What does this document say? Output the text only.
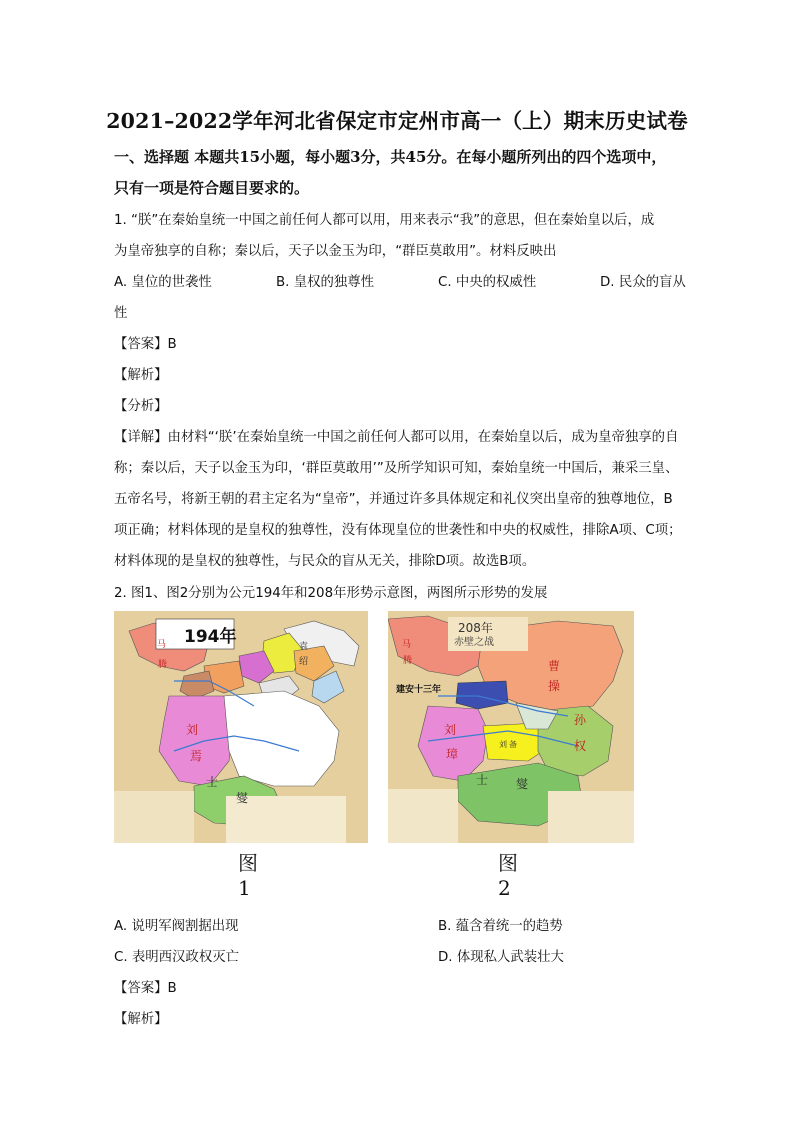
2021–2022学年河北省保定市定州市高一（上）期末历史试卷
一、选择题 本题共15小题，每小题3分，共45分。在每小题所列出的四个选项中，
只有一项是符合题目要求的。
1. “朕”在秦始皇统一中国之前任何人都可以用，用来表示“我”的意思，但在秦始皇以后，成
为皇帝独享的自称；秦以后，天子以金玉为印，“群臣莫敢用”。材料反映出
A. 皇位的世袭性	B. 皇权的独尊性	C. 中央的权威性	D. 民众的盲从
性
【答案】B
【解析】
【分析】
【详解】由材料“‘朕’在秦始皇统一中国之前任何人都可以用，在秦始皇以后，成为皇帝独享的自
称；秦以后，天子以金玉为印，‘群臣莫敢用’”及所学知识可知，秦始皇统一中国后，兼采三皇、
五帝名号，将新王朝的君主定名为“皇帝”，并通过许多具体规定和礼仪突出皇帝的独尊地位，B
项正确；材料体现的是皇权的独尊性，没有体现皇位的世袭性和中央的权威性，排除A项、C项；
材料体现的是皇权的独尊性，与民众的盲从无关，排除D项。故选B项。
2. 图1、图2分别为公元194年和208年形势示意图，两图所示形势的发展
194年
马
腾
刘
焉
士
燮
袁
绍
208年
赤壁之战
建安十三年
马
腾	曹
操
刘
璋
孙
权
士 燮
刘 备
图1
图2
A. 说明军阀割据出现	B. 蕴含着统一的趋势
C. 表明西汉政权灭亡	D. 体现私人武装壮大
【答案】B
【解析】
